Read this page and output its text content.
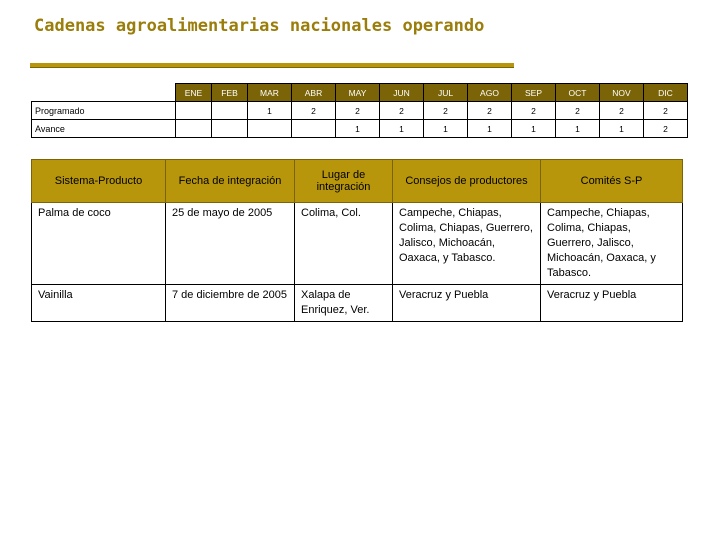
Cadenas agroalimentarias nacionales operando
	ENE	FEB	MAR	ABR	MAY	JUN	JUL	AGO	SEP	OCT	NOV	DIC
Programado			1	2	2	2	2	2	2	2	2	2
Avance					1	1	1	1	1	1	1	2
Sistema-Producto	Fecha de integración	Lugar de integración	Consejos de productores	Comités S-P
Palma de coco	25 de mayo de 2005	Colima, Col.	Campeche, Chiapas, Colima, Chiapas, Guerrero, Jalisco, Michoacán, Oaxaca, y Tabasco.	Campeche, Chiapas, Colima, Chiapas, Guerrero, Jalisco, Michoacán, Oaxaca, y Tabasco.
Vainilla	7 de diciembre de 2005	Xalapa de Enriquez, Ver.	Veracruz y Puebla	Veracruz y Puebla
